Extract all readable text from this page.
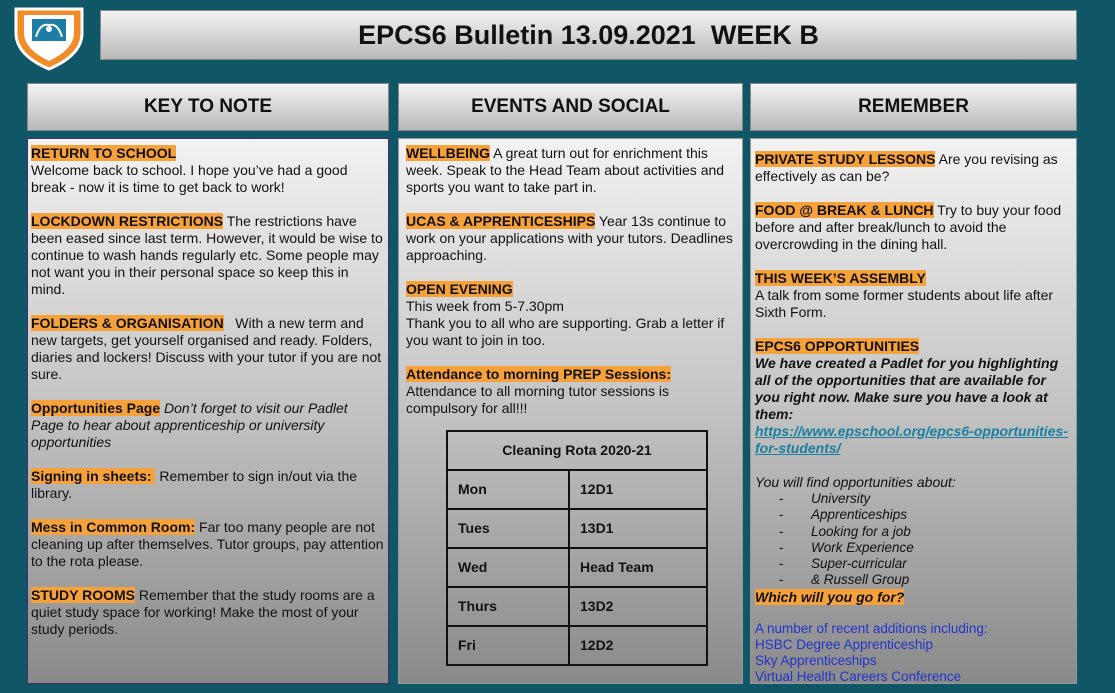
EPCS6
EPCS6 Bulletin 13.09.2021  WEEK B
KEY TO NOTE	EVENTS AND SOCIAL	REMEMBER
RETURN TO SCHOOL
Welcome back to school. I hope you’ve had a good break - now it is time to get back to work!
LOCKDOWN RESTRICTIONS The restrictions have been eased since last term. However, it would be wise to continue to wash hands regularly etc. Some people may not want you in their personal space so keep this in mind.
FOLDERS & ORGANISATION   With a new term and new targets, get yourself organised and ready. Folders, diaries and lockers! Discuss with your tutor if you are not sure.
Opportunities Page Don’t forget to visit our Padlet Page to hear about apprenticeship or university opportunities
Signing in sheets:  Remember to sign in/out via the library.
Mess in Common Room: Far too many people are not cleaning up after themselves. Tutor groups, pay attention to the rota please.
STUDY ROOMS Remember that the study rooms are a quiet study space for working! Make the most of your study periods.
WELLBEING A great turn out for enrichment this week. Speak to the Head Team about activities and sports you want to take part in.
UCAS & APPRENTICESHIPS Year 13s continue to work on your applications with your tutors. Deadlines approaching.
OPEN EVENING
This week from 5-7.30pm
Thank you to all who are supporting. Grab a letter if you want to join in too.
Attendance to morning PREP Sessions:
Attendance to all morning tutor sessions is compulsory for all!!!
Cleaning Rota 2020-21	
Mon	12D1
Tues	13D1
Wed	Head Team
Thurs	13D2
Fri	12D2
PRIVATE STUDY LESSONS Are you revising as effectively as can be?
FOOD @ BREAK & LUNCH Try to buy your food before and after break/lunch to avoid the overcrowding in the dining hall.
THIS WEEK’S ASSEMBLY
A talk from some former students about life after Sixth Form.
EPCS6 OPPORTUNITIES
We have created a Padlet for you highlighting all of the opportunities that are available for you right now. Make sure you have a look at them:
https://www.epschool.org/epcs6-opportunities-for-students/
You will find opportunities about:
- University
- Apprenticeships
- Looking for a job
- Work Experience
- Super-curricular
- & Russell Group
Which will you go for?
A number of recent additions including:
HSBC Degree Apprenticeship
Sky Apprenticeships
Virtual Health Careers Conference
